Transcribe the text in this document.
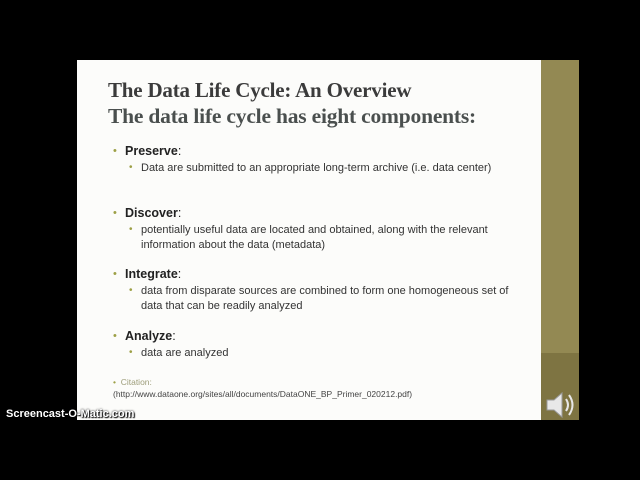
The Data Life Cycle: An Overview
The data life cycle has eight components:
• Preserve:
• Data are submitted to an appropriate long-term archive (i.e. data center)
• Discover:
• potentially useful data are located and obtained, along with the relevant information about the data (metadata)
• Integrate:
• data from disparate sources are combined to form one homogeneous set of data that can be readily analyzed
• Analyze:
• data are analyzed
•  Citation:
(http://www.dataone.org/sites/all/documents/DataONE_BP_Primer_020212.pdf)
Screencast-O-Matic.com
